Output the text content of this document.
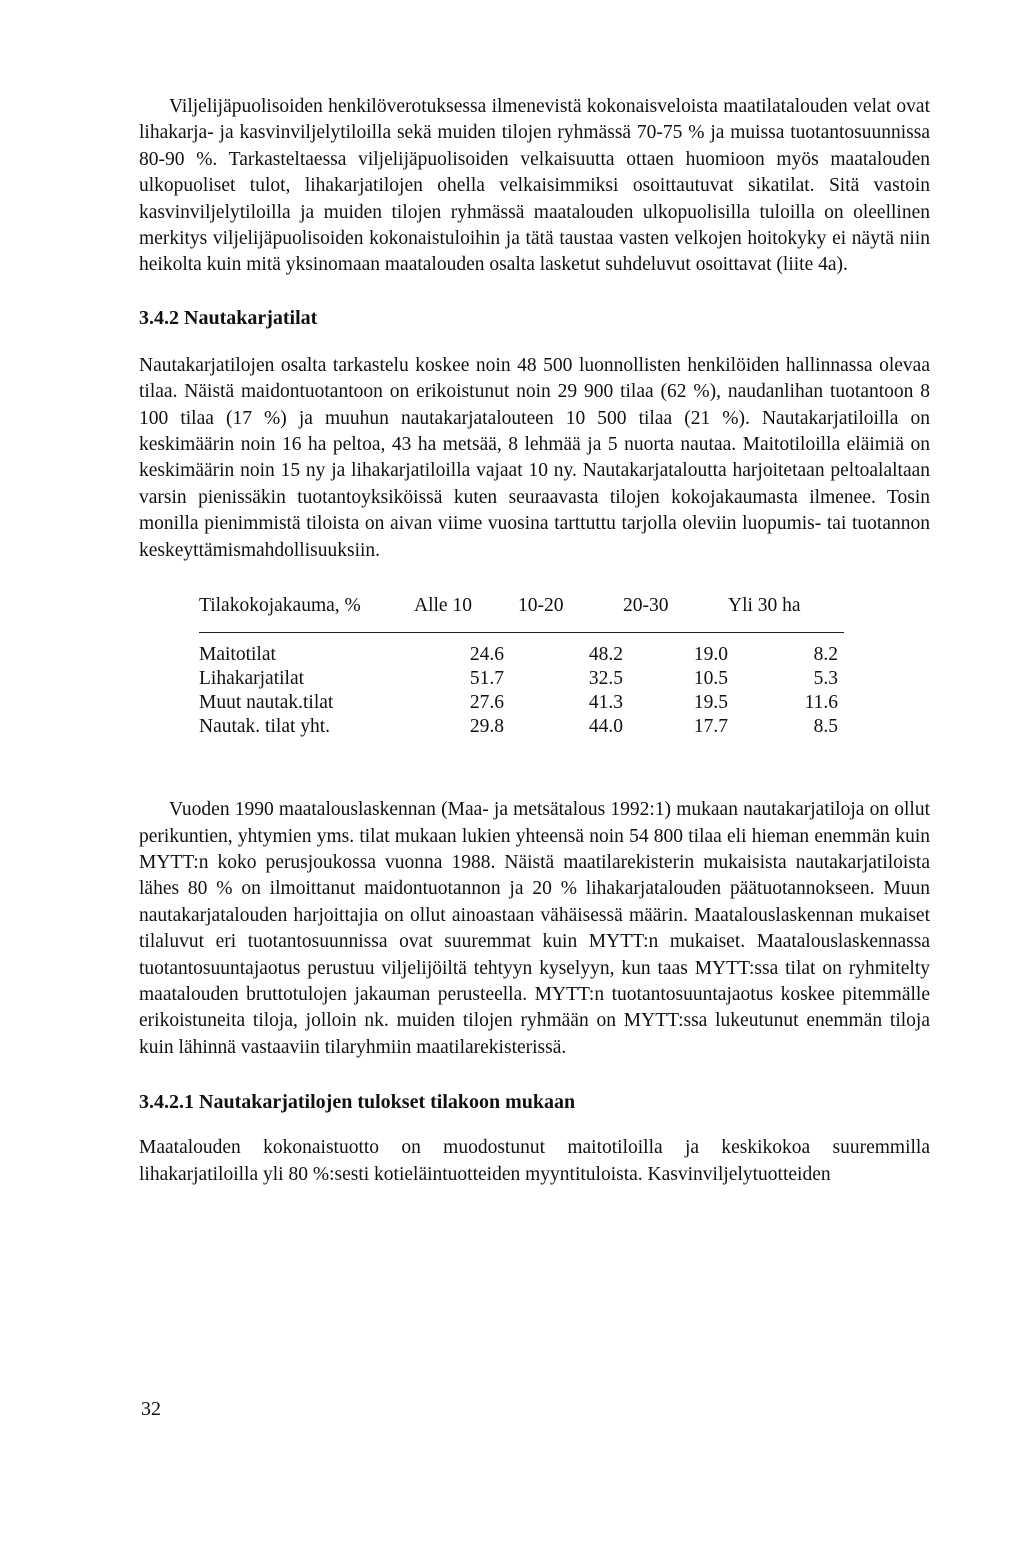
Viljelijäpuolisoiden henkilöverotuksessa ilmenevistä kokonaisveloista maatilatalouden velat ovat lihakarja- ja kasvinviljelytiloilla sekä muiden tilojen ryhmässä 70-75 % ja muissa tuotantosuunnissa 80-90 %. Tarkasteltaessa viljelijäpuolisoiden velkaisuutta ottaen huomioon myös maatalouden ulkopuoliset tulot, lihakarjatilojen ohella velkaisimmiksi osoittautuvat sikatilat. Sitä vastoin kasvinviljelytiloilla ja muiden tilojen ryhmässä maatalouden ulkopuolisilla tuloilla on oleellinen merkitys viljelijäpuolisoiden kokonaistuloihin ja tätä taustaa vasten velkojen hoitokyky ei näytä niin heikolta kuin mitä yksinomaan maatalouden osalta lasketut suhdeluvut osoittavat (liite 4a).

3.4.2 Nautakarjatilat

Nautakarjatilojen osalta tarkastelu koskee noin 48 500 luonnollisten henkilöiden hallinnassa olevaa tilaa. Näistä maidontuotantoon on erikoistunut noin 29 900 tilaa (62 %), naudanlihan tuotantoon 8 100 tilaa (17 %) ja muuhun nautakarjatalouteen 10 500 tilaa (21 %). Nautakarjatiloilla on keskimäärin noin 16 ha peltoa, 43 ha metsää, 8 lehmää ja 5 nuorta nautaa. Maitotiloilla eläimiä on keskimäärin noin 15 ny ja lihakarjatiloilla vajaat 10 ny. Nautakarjataloutta harjoitetaan peltoalaltaan varsin pienissäkin tuotantoyksiköissä kuten seuraavasta tilojen kokojakaumasta ilmenee. Tosin monilla pienimmistä tiloista on aivan viime vuosina tarttuttu tarjolla oleviin luopumis- tai tuotannon keskeyttämismahdollisuuksiin.

Tilakokojakauma, %	Alle 10	10-20	20-30	Yli 30 ha

Maitotilat	24.6	48.2	19.0	8.2
Lihakarjatilat	51.7	32.5	10.5	5.3
Muut nautak.tilat	27.6	41.3	19.5	11.6
Nautak. tilat yht.	29.8	44.0	17.7	8.5

Vuoden 1990 maatalouslaskennan (Maa- ja metsätalous 1992:1) mukaan nautakarjatiloja on ollut perikuntien, yhtymien yms. tilat mukaan lukien yhteensä noin 54 800 tilaa eli hieman enemmän kuin MYTT:n koko perusjoukossa vuonna 1988. Näistä maatilarekisterin mukaisista nautakarjatiloista lähes 80 % on ilmoittanut maidontuotannon ja 20 % lihakarjatalouden päätuotannokseen. Muun nautakarjatalouden harjoittajia on ollut ainoastaan vähäisessä määrin. Maatalouslaskennan mukaiset tilaluvut eri tuotantosuunnissa ovat suuremmat kuin MYTT:n mukaiset. Maatalouslaskennassa tuotantosuuntajaotus perustuu viljelijöiltä tehtyyn kyselyyn, kun taas MYTT:ssa tilat on ryhmitelty maatalouden bruttotulojen jakauman perusteella. MYTT:n tuotantosuuntajaotus koskee pitemmälle erikoistuneita tiloja, jolloin nk. muiden tilojen ryhmään on MYTT:ssa lukeutunut enemmän tiloja kuin lähinnä vastaaviin tilaryhmiin maatilarekisterissä.

3.4.2.1 Nautakarjatilojen tulokset tilakoon mukaan

Maatalouden kokonaistuotto on muodostunut maitotiloilla ja keskikokoa suuremmilla lihakarjatiloilla yli 80 %:sesti kotieläintuotteiden myyntituloista. Kasvinviljelytuotteiden

32
